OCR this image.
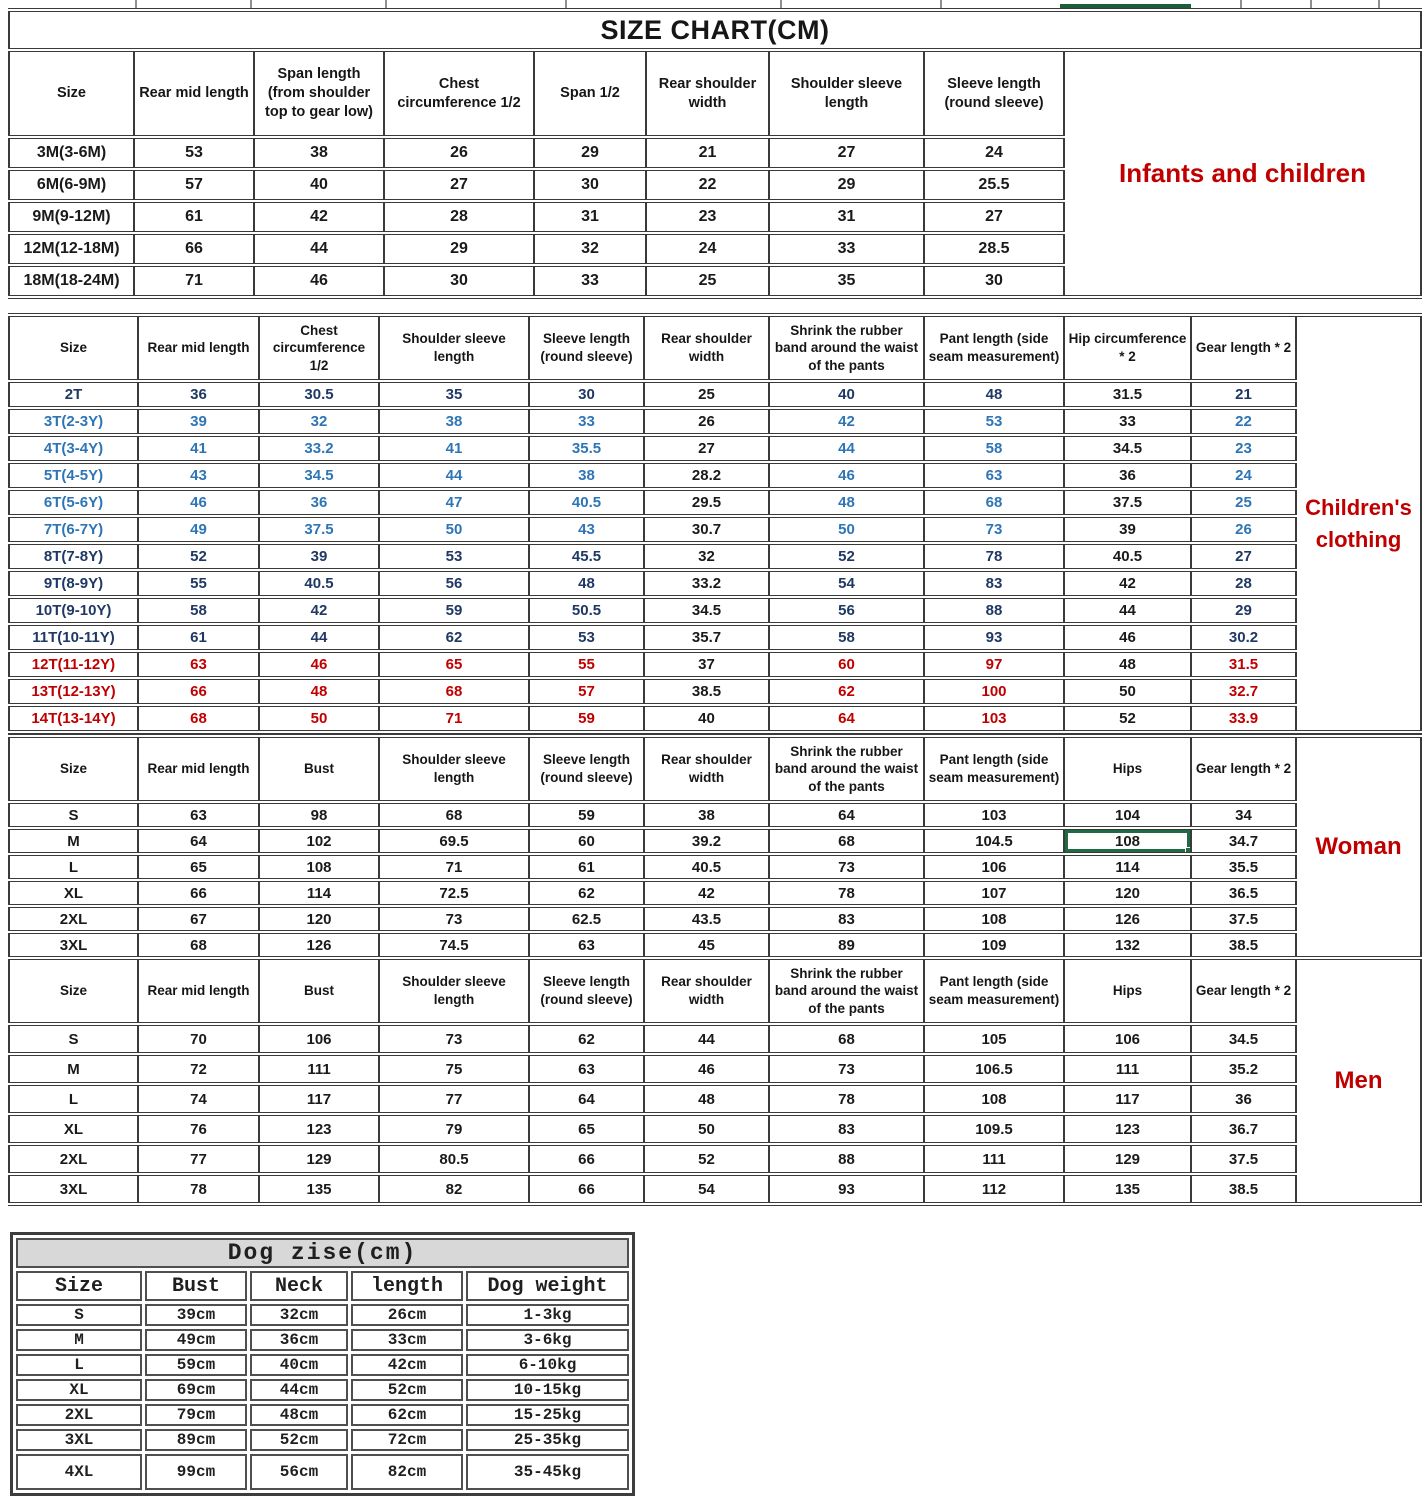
SIZE CHART(CM)								
Size	Rear mid length	Span length (from shoulder top to gear low)	Chest circumference 1/2	Span 1/2	Rear shoulder width	Shoulder sleeve length	Sleeve length (round sleeve)	Infants and children
3M(3-6M)	53	38	26	29	21	27	24	
6M(6-9M)	57	40	27	30	22	29	25.5	
9M(9-12M)	61	42	28	31	23	31	27	
12M(12-18M)	66	44	29	32	24	33	28.5	
18M(18-24M)	71	46	30	33	25	35	30	
Size	Rear mid length	Chest circumference 1/2	Shoulder sleeve length	Sleeve length (round sleeve)	Rear shoulder width	Shrink the rubber band around the waist of the pants	Pant length (side seam measurement)	Hip circumference * 2	Gear length * 2	Children's clothing
2T	36	30.5	35	30	25	40	48	31.5	21	
3T(2-3Y)	39	32	38	33	26	42	53	33	22	
4T(3-4Y)	41	33.2	41	35.5	27	44	58	34.5	23	
5T(4-5Y)	43	34.5	44	38	28.2	46	63	36	24	
6T(5-6Y)	46	36	47	40.5	29.5	48	68	37.5	25	
7T(6-7Y)	49	37.5	50	43	30.7	50	73	39	26	
8T(7-8Y)	52	39	53	45.5	32	52	78	40.5	27	
9T(8-9Y)	55	40.5	56	48	33.2	54	83	42	28	
10T(9-10Y)	58	42	59	50.5	34.5	56	88	44	29	
11T(10-11Y)	61	44	62	53	35.7	58	93	46	30.2	
12T(11-12Y)	63	46	65	55	37	60	97	48	31.5	
13T(12-13Y)	66	48	68	57	38.5	62	100	50	32.7	
14T(13-14Y)	68	50	71	59	40	64	103	52	33.9	
Size	Rear mid length	Bust	Shoulder sleeve length	Sleeve length (round sleeve)	Rear shoulder width	Shrink the rubber band around the waist of the pants	Pant length (side seam measurement)	Hips	Gear length * 2	Woman
S	63	98	68	59	38	64	103	104	34	
M	64	102	69.5	60	39.2	68	104.5	108	34.7	
L	65	108	71	61	40.5	73	106	114	35.5	
XL	66	114	72.5	62	42	78	107	120	36.5	
2XL	67	120	73	62.5	43.5	83	108	126	37.5	
3XL	68	126	74.5	63	45	89	109	132	38.5	
Size	Rear mid length	Bust	Shoulder sleeve length	Sleeve length (round sleeve)	Rear shoulder width	Shrink the rubber band around the waist of the pants	Pant length (side seam measurement)	Hips	Gear length * 2	Men
S	70	106	73	62	44	68	105	106	34.5	
M	72	111	75	63	46	73	106.5	111	35.2	
L	74	117	77	64	48	78	108	117	36	
XL	76	123	79	65	50	83	109.5	123	36.7	
2XL	77	129	80.5	66	52	88	111	129	37.5	
3XL	78	135	82	66	54	93	112	135	38.5	
Dog zise(cm)				
Size	Bust	Neck	length	Dog weight
S	39cm	32cm	26cm	1-3kg
M	49cm	36cm	33cm	3-6kg
L	59cm	40cm	42cm	6-10kg
XL	69cm	44cm	52cm	10-15kg
2XL	79cm	48cm	62cm	15-25kg
3XL	89cm	52cm	72cm	25-35kg
4XL	99cm	56cm	82cm	35-45kg
